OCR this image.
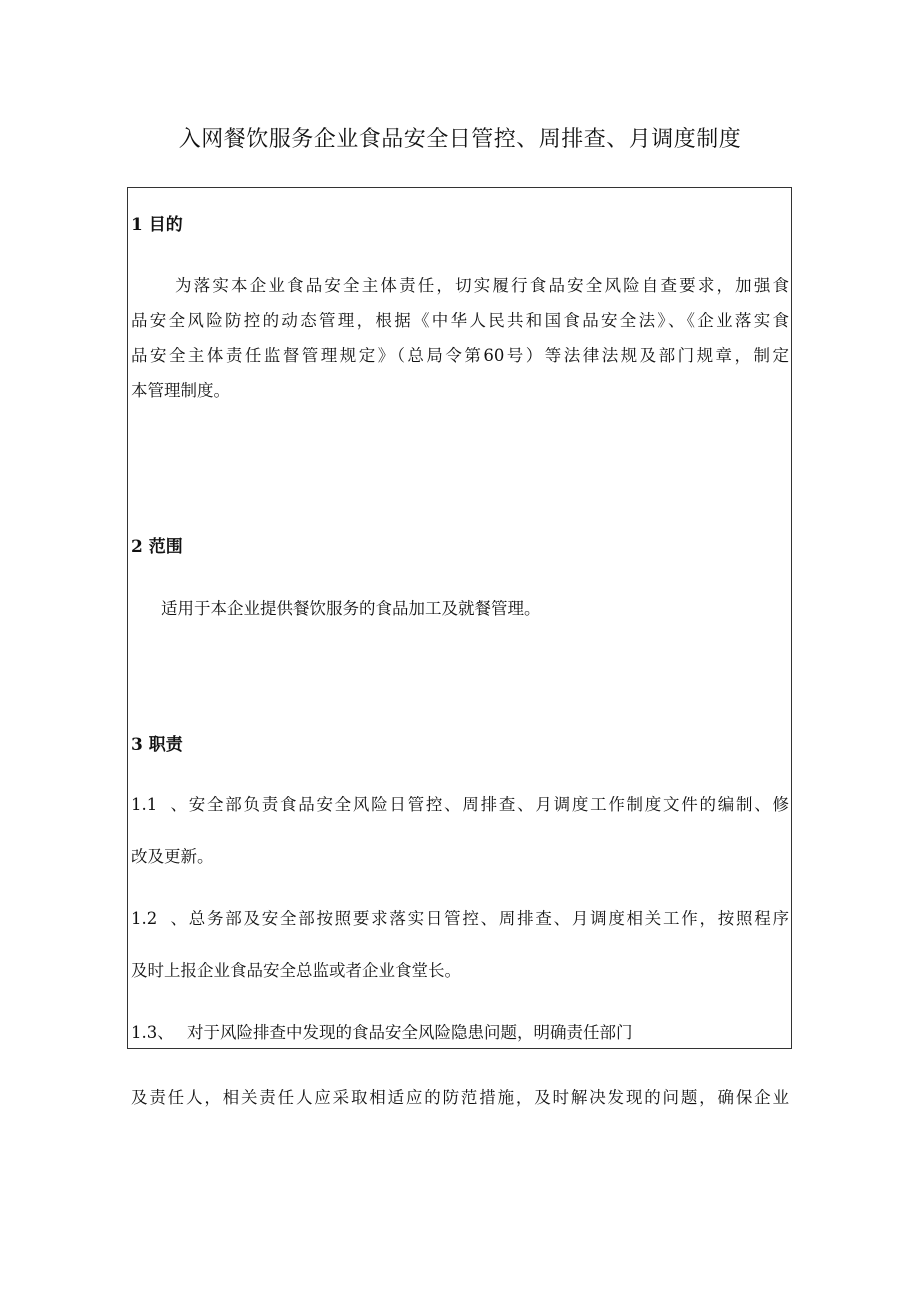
入网餐饮服务企业食品安全日管控、周排查、月调度制度
1 目的
为落实本企业食品安全主体责任，切实履行食品安全风险自查要求，加强食
品安全风险防控的动态管理，根据《中华人民共和国食品安全法》、《企业落实食
品安全主体责任监督管理规定》（总局令第60号）等法律法规及部门规章，制定
本管理制度。
2 范围
适用于本企业提供餐饮服务的食品加工及就餐管理。
3 职责
1.1、安全部负责食品安全风险日管控、周排查、月调度工作制度文件的编制、修
改及更新。
1.2、总务部及安全部按照要求落实日管控、周排查、月调度相关工作，按照程序
及时上报企业食品安全总监或者企业食堂长。
1.3、 对于风险排查中发现的食品安全风险隐患问题，明确责任部门
及责任人，相关责任人应采取相适应的防范措施，及时解决发现的问题，确保企业
